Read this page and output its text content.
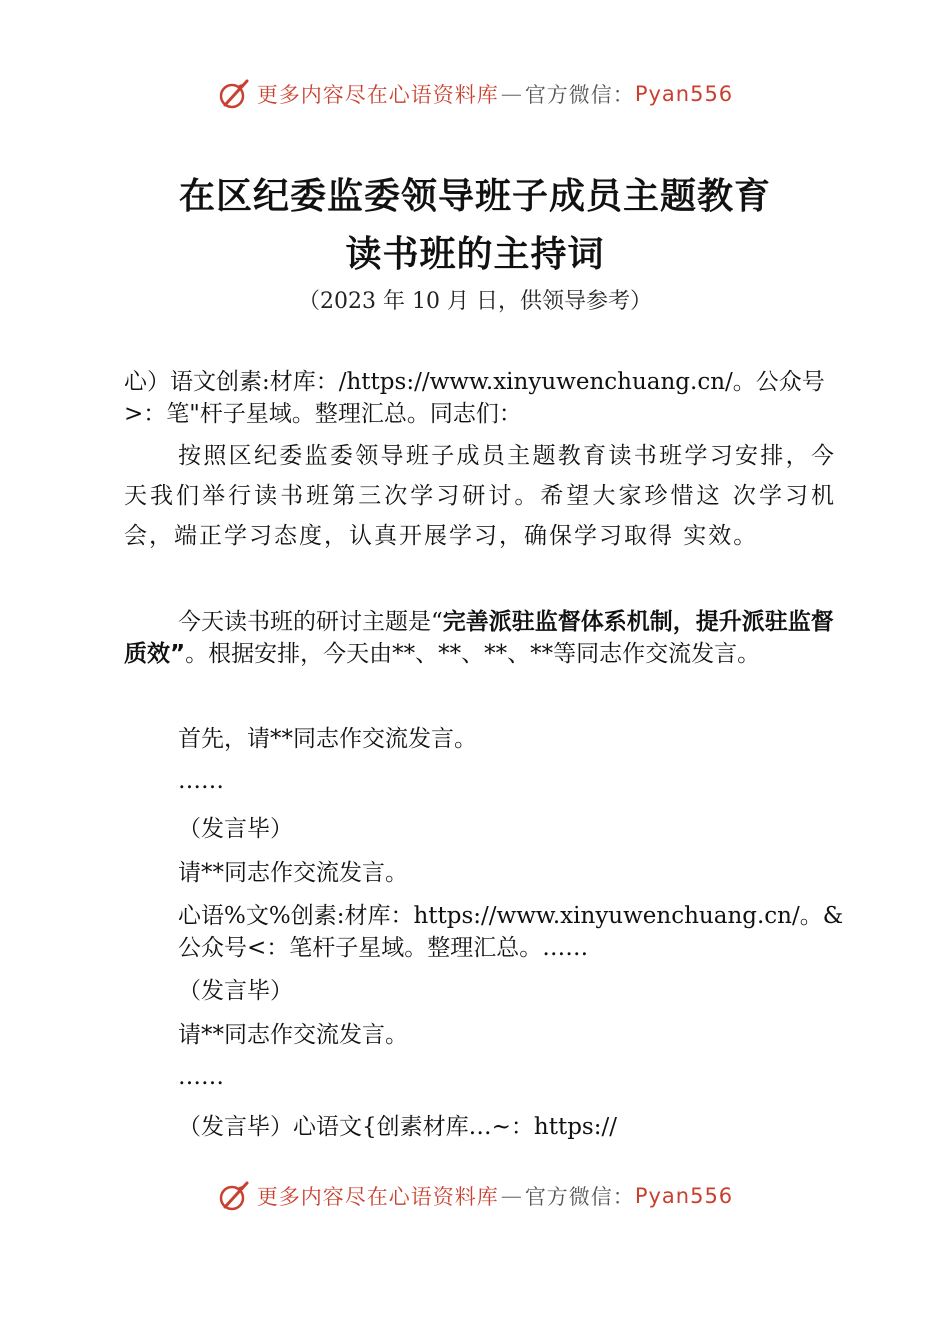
更多内容尽在心语资料库 — 官方微信： Pyan556
在区纪委监委领导班子成员主题教育
读书班的主持词
（2023 年 10 月 日，供领导参考）
心）语文创素:材库：/https://www.xinyuwenchuang.cn/。公众号>：笔"杆子星域。整理汇总。同志们：
按照区纪委监委领导班子成员主题教育读书班学习安排，今天我们举行读书班第三次学习研讨。希望大家珍惜这 次学习机会，端正学习态度，认真开展学习，确保学习取得 实效。
今天读书班的研讨主题是“完善派驻监督体系机制，提升派驻监督质效”。根据安排，今天由**、**、**、**等同志作交流发言。
首先，请**同志作交流发言。
……
（发言毕）
请**同志作交流发言。
心语%文%创素:材库：https://www.xinyuwenchuang.cn/。&公众号<：笔杆子星域。整理汇总。……
（发言毕）
请**同志作交流发言。
……
（发言毕）心语文{创素材库…~：https://
更多内容尽在心语资料库 — 官方微信： Pyan556
